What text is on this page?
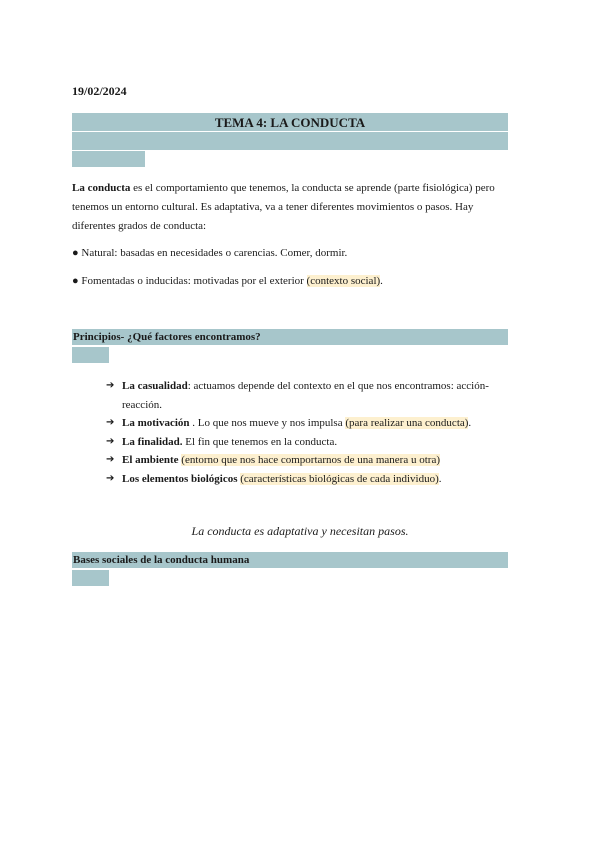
19/02/2024
TEMA 4: LA CONDUCTA
La conducta es el comportamiento que tenemos, la conducta se aprende (parte fisiológica) pero tenemos un entorno cultural. Es adaptativa, va a tener diferentes movimientos o pasos. Hay diferentes grados de conducta:
● Natural: basadas en necesidades o carencias. Comer, dormir.
● Fomentadas o inducidas: motivadas por el exterior (contexto social).
Principios- ¿Qué factores encontramos?
➔ La casualidad: actuamos depende del contexto en el que nos encontramos: acción-reacción.
➔ La motivación . Lo que nos mueve y nos impulsa (para realizar una conducta).
➔ La finalidad. El fin que tenemos en la conducta.
➔ El ambiente (entorno que nos hace comportarnos de una manera u otra)
➔ Los elementos biológicos (características biológicas de cada individuo).
La conducta es adaptativa y necesitan pasos.
Bases sociales de la conducta humana
